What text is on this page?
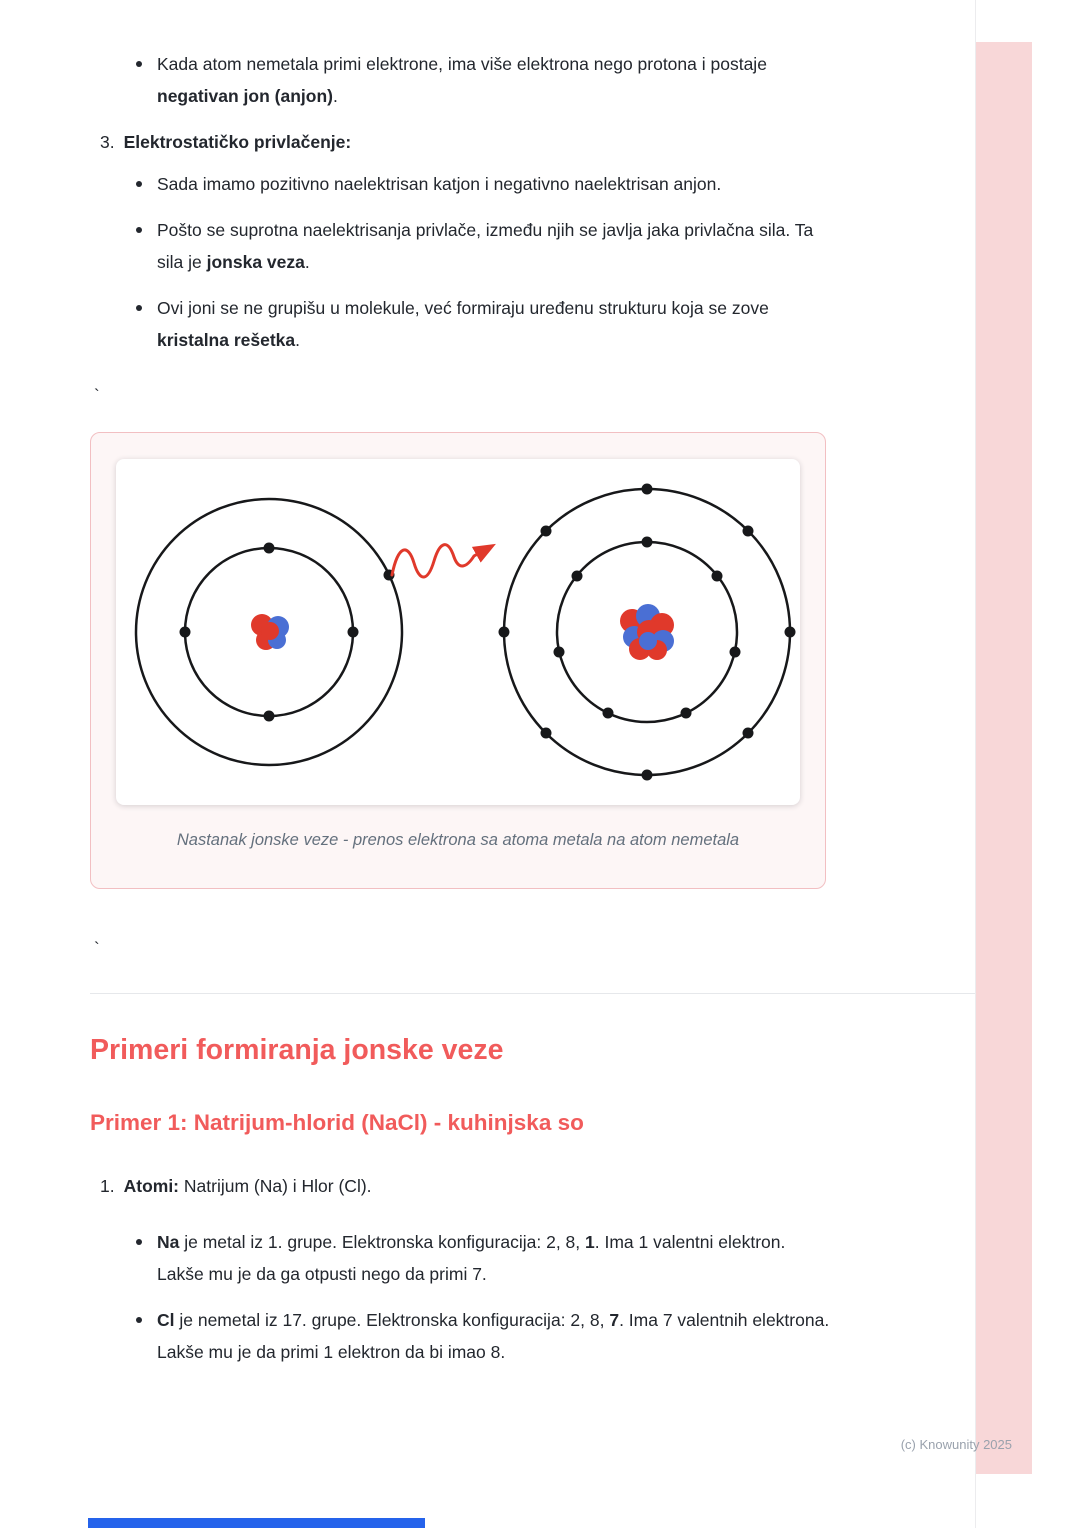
Kada atom nemetala primi elektrone, ima više elektrona nego protona i postaje negativan jon (anjon).
3. Elektrostatičko privlačenje:
Sada imamo pozitivno naelektrisan katjon i negativno naelektrisan anjon.
Pošto se suprotna naelektrisanja privlače, između njih se javlja jaka privlačna sila. Ta sila je jonska veza.
Ovi joni se ne grupišu u molekule, već formiraju uređenu strukturu koja se zove kristalna rešetka.
`
Nastanak jonske veze - prenos elektrona sa atoma metala na atom nemetala
`
Primeri formiranja jonske veze
Primer 1: Natrijum-hlorid (NaCl) - kuhinjska so
1. Atomi: Natrijum (Na) i Hlor (Cl).
Na je metal iz 1. grupe. Elektronska konfiguracija: 2, 8, 1. Ima 1 valentni elektron. Lakše mu je da ga otpusti nego da primi 7.
Cl je nemetal iz 17. grupe. Elektronska konfiguracija: 2, 8, 7. Ima 7 valentnih elektrona. Lakše mu je da primi 1 elektron da bi imao 8.
(c) Knowunity 2025
